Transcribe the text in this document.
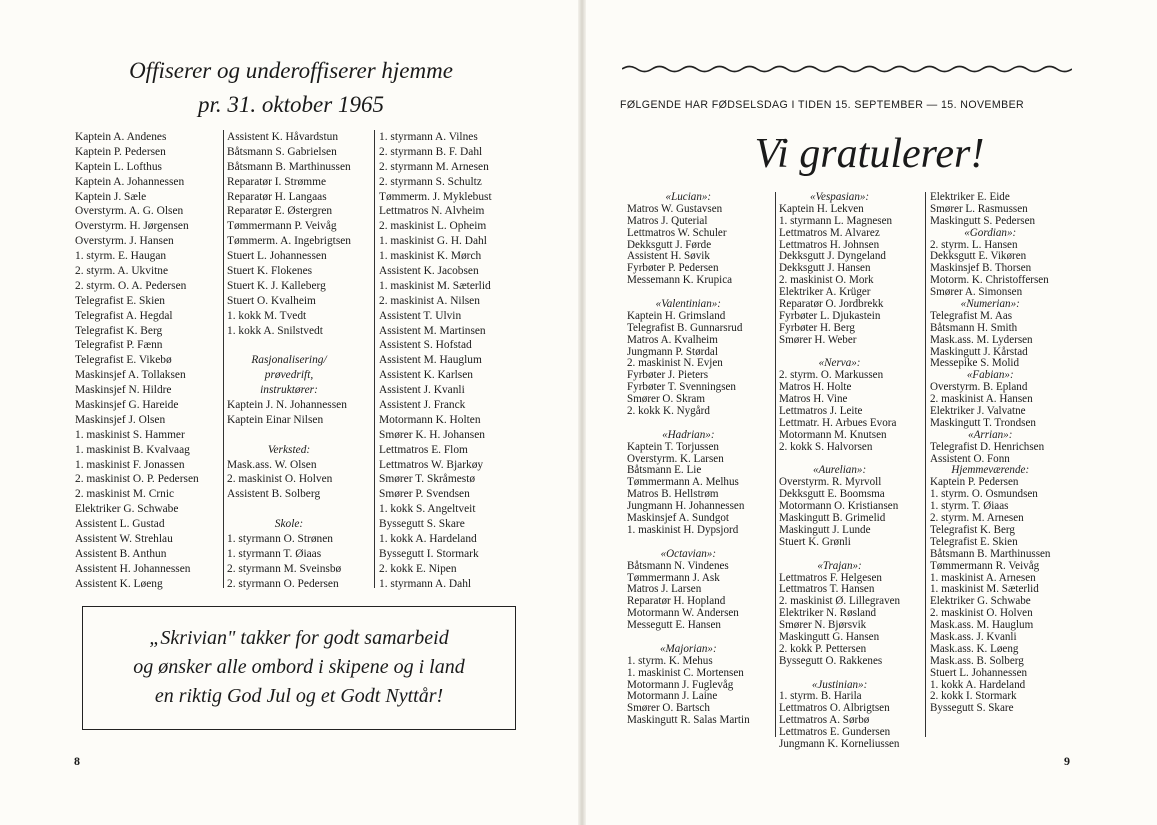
Offiserer og underoffiserer hjemme
pr. 31. oktober 1965
Kaptein A. Andenes
Kaptein P. Pedersen
Kaptein L. Lofthus
Kaptein A. Johannessen
Kaptein J. Sæle
Overstyrm. A. G. Olsen
Overstyrm. H. Jørgensen
Overstyrm. J. Hansen
1. styrm. E. Haugan
2. styrm. A. Ukvitne
2. styrm. O. A. Pedersen
Telegrafist E. Skien
Telegrafist A. Hegdal
Telegrafist K. Berg
Telegrafist P. Fænn
Telegrafist E. Vikebø
Maskinsjef A. Tollaksen
Maskinsjef N. Hildre
Maskinsjef G. Hareide
Maskinsjef J. Olsen
1. maskinist S. Hammer
1. maskinist B. Kvalvaag
1. maskinist F. Jonassen
2. maskinist O. P. Pedersen
2. maskinist M. Crnic
Elektriker G. Schwabe
Assistent L. Gustad
Assistent W. Strehlau
Assistent B. Anthun
Assistent H. Johannessen
Assistent K. Løeng
Assistent K. Håvardstun
Båtsmann S. Gabrielsen
Båtsmann B. Marthinussen
Reparatør I. Strømme
Reparatør H. Langaas
Reparatør E. Østergren
Tømmermann P. Veivåg
Tømmerm. A. Ingebrigtsen
Stuert L. Johannessen
Stuert K. Flokenes
Stuert K. J. Kalleberg
Stuert O. Kvalheim
1. kokk M. Tvedt
1. kokk A. Snilstvedt
Rasjonalisering/
prøvedrift,
instruktører:
Kaptein J. N. Johannessen
Kaptein Einar Nilsen
Verksted:
Mask.ass. W. Olsen
2. maskinist O. Holven
Assistent B. Solberg
Skole:
1. styrmann O. Strønen
1. styrmann T. Øiaas
2. styrmann M. Sveinsbø
2. styrmann O. Pedersen
1. styrmann A. Vilnes
2. styrmann B. F. Dahl
2. styrmann M. Arnesen
2. styrmann S. Schultz
Tømmerm. J. Myklebust
Lettmatros N. Alvheim
2. maskinist L. Opheim
1. maskinist G. H. Dahl
1. maskinist K. Mørch
Assistent K. Jacobsen
1. maskinist M. Sæterlid
2. maskinist A. Nilsen
Assistent T. Ulvin
Assistent M. Martinsen
Assistent S. Hofstad
Assistent M. Hauglum
Assistent K. Karlsen
Assistent J. Kvanli
Assistent J. Franck
Motormann K. Holten
Smører K. H. Johansen
Lettmatros E. Flom
Lettmatros W. Bjarkøy
Smører T. Skråmestø
Smører P. Svendsen
1. kokk S. Angeltveit
Byssegutt S. Skare
1. kokk A. Hardeland
Byssegutt I. Stormark
2. kokk E. Nipen
1. styrmann A. Dahl
„Skrivian" takker for godt samarbeid
og ønsker alle ombord i skipene og i land
en riktig God Jul og et Godt Nyttår!
8
FØLGENDE HAR FØDSELSDAG I TIDEN 15. SEPTEMBER — 15. NOVEMBER
Vi gratulerer!
«Lucian»:
Matros W. Gustavsen
Matros J. Quterial
Lettmatros W. Schuler
Dekksgutt J. Førde
Assistent H. Søvik
Fyrbøter P. Pedersen
Messemann K. Krupica
«Valentinian»:
Kaptein H. Grimsland
Telegrafist B. Gunnarsrud
Matros A. Kvalheim
Jungmann P. Størdal
2. maskinist N. Evjen
Fyrbøter J. Pieters
Fyrbøter T. Svenningsen
Smører O. Skram
2. kokk K. Nygård
«Hadrian»:
Kaptein T. Torjussen
Overstyrm. K. Larsen
Båtsmann E. Lie
Tømmermann A. Melhus
Matros B. Hellstrøm
Jungmann H. Johannessen
Maskinsjef A. Sundgot
1. maskinist H. Dypsjord
«Octavian»:
Båtsmann N. Vindenes
Tømmermann J. Ask
Matros J. Larsen
Reparatør H. Hopland
Motormann W. Andersen
Messegutt E. Hansen
«Majorian»:
1. styrm. K. Mehus
1. maskinist C. Mortensen
Motormann J. Fuglevåg
Motormann J. Laine
Smører O. Bartsch
Maskingutt R. Salas Martin
«Vespasian»:
Kaptein H. Lekven
1. styrmann L. Magnesen
Lettmatros M. Alvarez
Lettmatros H. Johnsen
Dekksgutt J. Dyngeland
Dekksgutt J. Hansen
2. maskinist O. Mork
Elektriker A. Krüger
Reparatør O. Jordbrekk
Fyrbøter L. Djukastein
Fyrbøter H. Berg
Smører H. Weber
«Nerva»:
2. styrm. O. Markussen
Matros H. Holte
Matros H. Vine
Lettmatros J. Leite
Lettmatr. H. Arbues Evora
Motormann M. Knutsen
2. kokk S. Halvorsen
«Aurelian»:
Overstyrm. R. Myrvoll
Dekksgutt E. Boomsma
Motormann O. Kristiansen
Maskingutt B. Grimelid
Maskingutt J. Lunde
Stuert K. Grønli
«Trajan»:
Lettmatros F. Helgesen
Lettmatros T. Hansen
2. maskinist Ø. Lillegraven
Elektriker N. Røsland
Smører N. Bjørsvik
Maskingutt G. Hansen
2. kokk P. Pettersen
Byssegutt O. Rakkenes
«Justinian»:
1. styrm. B. Harila
Lettmatros O. Albrigtsen
Lettmatros A. Sørbø
Lettmatros E. Gundersen
Jungmann K. Korneliussen
Elektriker E. Eide
Smører L. Rasmussen
Maskingutt S. Pedersen
«Gordian»:
2. styrm. L. Hansen
Dekksgutt E. Vikøren
Maskinsjef B. Thorsen
Motorm. K. Christoffersen
Smører A. Simonsen
«Numerian»:
Telegrafist M. Aas
Båtsmann H. Smith
Mask.ass. M. Lydersen
Maskingutt J. Kårstad
Messepike S. Molid
«Fabian»:
Overstyrm. B. Epland
2. maskinist A. Hansen
Elektriker J. Valvatne
Maskingutt T. Trondsen
«Arrian»:
Telegrafist D. Henrichsen
Assistent O. Fonn
Hjemmeværende:
Kaptein P. Pedersen
1. styrm. O. Osmundsen
1. styrm. T. Øiaas
2. styrm. M. Arnesen
Telegrafist K. Berg
Telegrafist E. Skien
Båtsmann B. Marthinussen
Tømmermann R. Veivåg
1. maskinist A. Arnesen
1. maskinist M. Sæterlid
Elektriker G. Schwabe
2. maskinist O. Holven
Mask.ass. M. Hauglum
Mask.ass. J. Kvanli
Mask.ass. K. Løeng
Mask.ass. B. Solberg
Stuert L. Johannessen
1. kokk A. Hardeland
2. kokk I. Stormark
Byssegutt S. Skare
9
